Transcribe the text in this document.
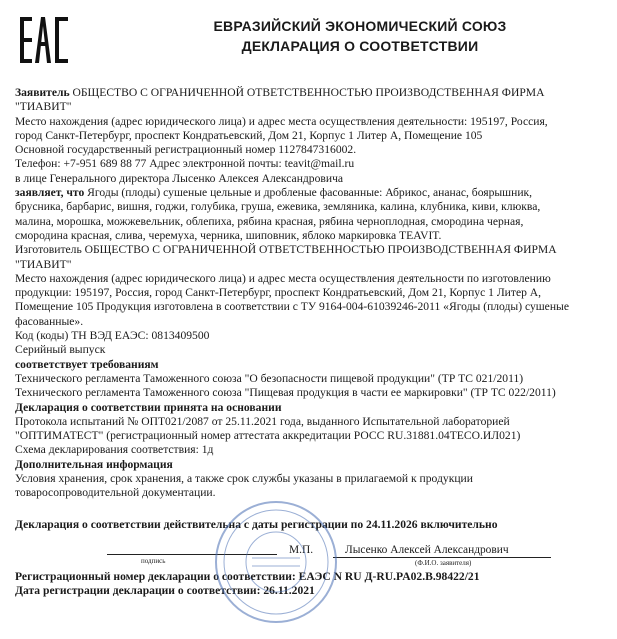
ЕВРАЗИЙСКИЙ ЭКОНОМИЧЕСКИЙ СОЮЗ
ДЕКЛАРАЦИЯ О СООТВЕТСТВИИ

Заявитель ОБЩЕСТВО С ОГРАНИЧЕННОЙ ОТВЕТСТВЕННОСТЬЮ ПРОИЗВОДСТВЕННАЯ ФИРМА

"ТИАВИТ"

Место нахождения (адрес юридического лица) и адрес места осуществления деятельности: 195197, Россия,

город Санкт-Петербург, проспект Кондратьевский, Дом 21, Корпус 1 Литер А, Помещение 105

Основной государственный регистрационный номер 1127847316002.

Телефон: +7-951 689 88 77 Адрес электронной почты: teavit@mail.ru

в лице Генерального директора Лысенко Алексея Александровича

заявляет, что Ягоды (плоды) сушеные цельные и дробленые фасованные: Абрикос, ананас, боярышник,

брусника, барбарис, вишня, годжи, голубика, груша, ежевика, земляника, калина, клубника, киви, клюква,

малина, морошка, можжевельник, облепиха, рябина красная, рябина черноплодная, смородина черная,

смородина красная, слива, черемуха, черника, шиповник, яблоко маркировка TEAVIT.

Изготовитель ОБЩЕСТВО С ОГРАНИЧЕННОЙ ОТВЕТСТВЕННОСТЬЮ ПРОИЗВОДСТВЕННАЯ ФИРМА

"ТИАВИТ"

Место нахождения (адрес юридического лица) и адрес места осуществления деятельности по изготовлению

продукции: 195197, Россия, город Санкт-Петербург, проспект Кондратьевский, Дом 21, Корпус 1 Литер А,

Помещение 105 Продукция изготовлена в соответствии с ТУ 9164-004-61039246-2011 «Ягоды (плоды) сушеные

фасованные».

Код (коды) ТН ВЭД ЕАЭС: 0813409500

Серийный выпуск

соответствует требованиям

Технического регламента Таможенного союза "О безопасности пищевой продукции" (ТР ТС 021/2011)

Технического регламента Таможенного союза "Пищевая продукция в части ее маркировки" (ТР ТС 022/2011)

Декларация о соответствии принята на основании

Протокола испытаний № ОПТ021/2087 от 25.11.2021 года, выданного Испытательной лабораторией

"ОПТИМАТЕСТ" (регистрационный номер аттестата аккредитации РОСС RU.31881.04ТЕСО.ИЛ021)

Схема декларирования соответствия: 1д

Дополнительная информация

Условия хранения, срок хранения, а также срок службы указаны в прилагаемой к продукции

товаросопроводительной документации.

Декларация о соответствии действительна с даты регистрации по 24.11.2026 включительно
подпись
М.П.	Лысенко Алексей Александрович
(Ф.И.О. заявителя)
Регистрационный номер декларации о соответствии: ЕАЭС N RU Д-RU.PA02.В.98422/21
Дата регистрации декларации о соответствии: 26.11.2021
